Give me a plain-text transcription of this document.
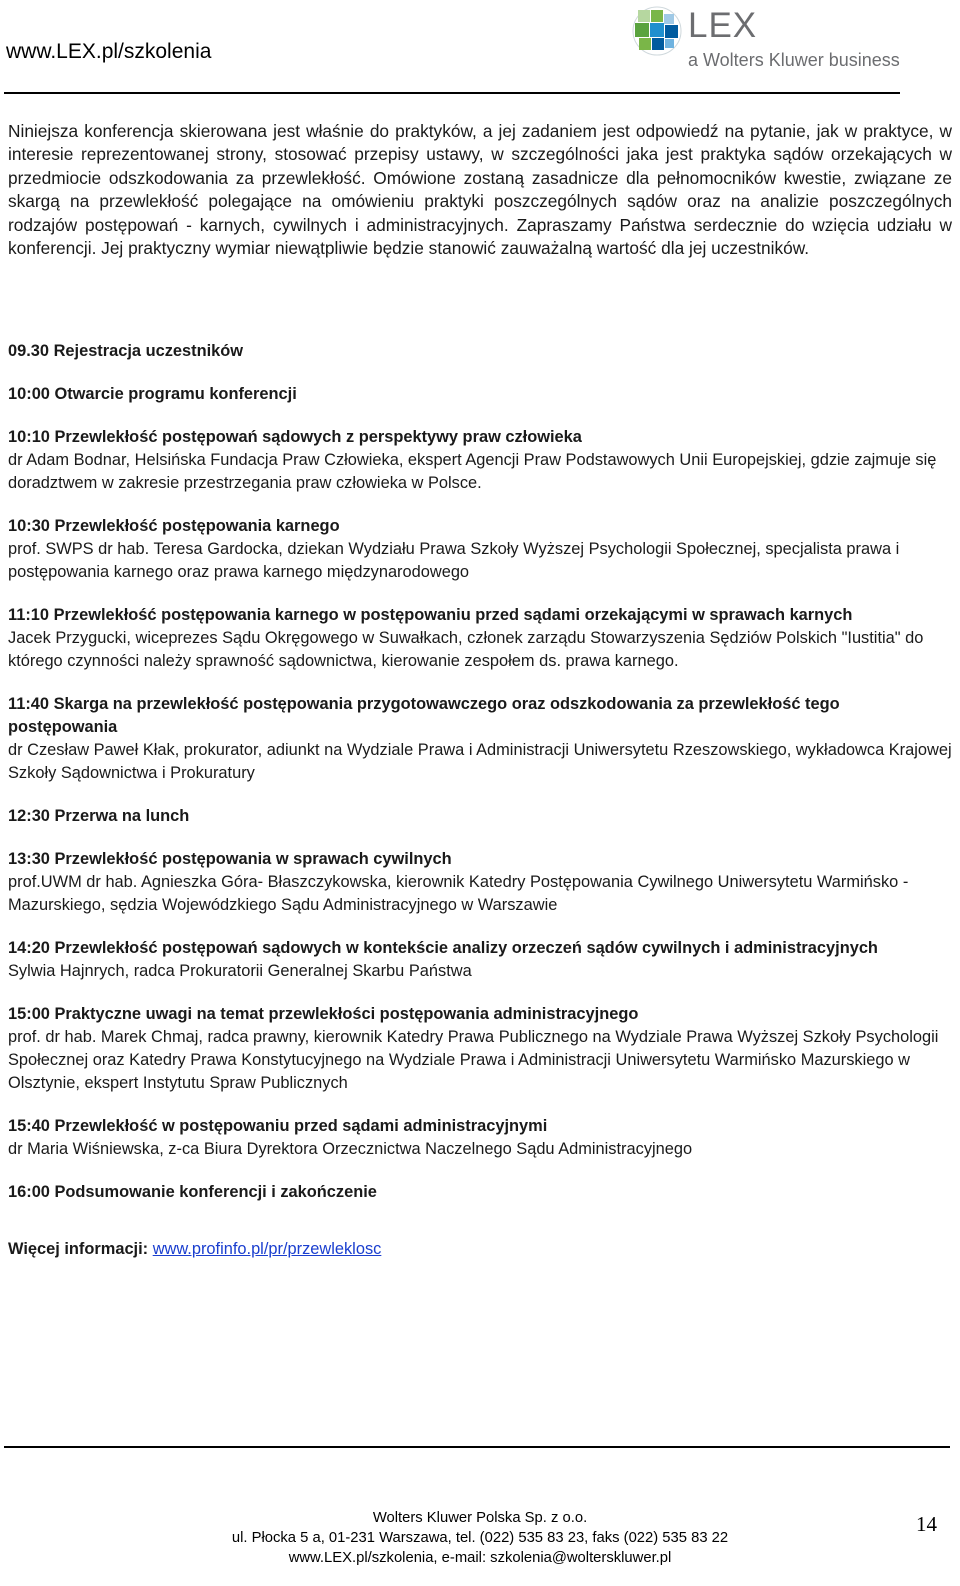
www.LEX.pl/szkolenia
LEX
a Wolters Kluwer business

Niniejsza konferencja skierowana jest właśnie do praktyków, a jej zadaniem jest odpowiedź na pytanie, jak w praktyce, w interesie reprezentowanej strony, stosować przepisy ustawy, w szczególności jaka jest praktyka sądów orzekających w przedmiocie odszkodowania za przewlekłość. Omówione zostaną zasadnicze dla pełnomocników kwestie, związane ze skargą na przewlekłość polegające na omówieniu praktyki poszczególnych sądów oraz na analizie poszczególnych rodzajów postępowań - karnych, cywilnych i administracyjnych. Zapraszamy Państwa serdecznie do wzięcia udziału w konferencji. Jej praktyczny wymiar niewątpliwie będzie stanowić zauważalną wartość dla jej uczestników.

09.30 Rejestracja uczestników
10:00 Otwarcie programu konferencji
10:10 Przewlekłość postępowań sądowych z perspektywy praw człowieka
dr Adam Bodnar, Helsińska Fundacja Praw Człowieka, ekspert Agencji Praw Podstawowych Unii Europejskiej, gdzie zajmuje się doradztwem w zakresie przestrzegania praw człowieka w Polsce.
10:30 Przewlekłość postępowania karnego
prof. SWPS dr hab. Teresa Gardocka, dziekan Wydziału Prawa Szkoły Wyższej Psychologii Społecznej, specjalista prawa i postępowania karnego oraz prawa karnego międzynarodowego
11:10 Przewlekłość postępowania karnego w postępowaniu przed sądami orzekającymi w sprawach karnych
Jacek Przygucki, wiceprezes Sądu Okręgowego w Suwałkach, członek zarządu Stowarzyszenia Sędziów Polskich "Iustitia" do którego czynności należy sprawność sądownictwa, kierowanie zespołem ds. prawa karnego.
11:40 Skarga na przewlekłość postępowania przygotowawczego oraz odszkodowania za przewlekłość tego postępowania
dr Czesław Paweł Kłak, prokurator, adiunkt na Wydziale Prawa i Administracji Uniwersytetu Rzeszowskiego, wykładowca Krajowej Szkoły Sądownictwa i Prokuratury
12:30 Przerwa na lunch
13:30 Przewlekłość postępowania w sprawach cywilnych
prof.UWM dr hab. Agnieszka Góra- Błaszczykowska, kierownik Katedry Postępowania Cywilnego Uniwersytetu Warmińsko - Mazurskiego, sędzia Wojewódzkiego Sądu Administracyjnego w Warszawie
14:20 Przewlekłość postępowań sądowych w kontekście analizy orzeczeń sądów cywilnych i administracyjnych
Sylwia Hajnrych, radca Prokuratorii Generalnej Skarbu Państwa
15:00 Praktyczne uwagi na temat przewlekłości postępowania administracyjnego
prof. dr hab. Marek Chmaj, radca prawny, kierownik Katedry Prawa Publicznego na Wydziale Prawa Wyższej Szkoły Psychologii Społecznej oraz Katedry Prawa Konstytucyjnego na Wydziale Prawa i Administracji Uniwersytetu Warmińsko Mazurskiego w Olsztynie, ekspert Instytutu Spraw Publicznych
15:40 Przewlekłość w postępowaniu przed sądami administracyjnymi
dr Maria Wiśniewska, z-ca Biura Dyrektora Orzecznictwa Naczelnego Sądu Administracyjnego
16:00 Podsumowanie konferencji i zakończenie
Więcej informacji: www.profinfo.pl/pr/przewleklosc
Wolters Kluwer Polska Sp. z o.o.
ul. Płocka 5 a, 01-231 Warszawa, tel. (022) 535 83 23, faks (022) 535 83 22
www.LEX.pl/szkolenia, e-mail: szkolenia@wolterskluwer.pl
14
